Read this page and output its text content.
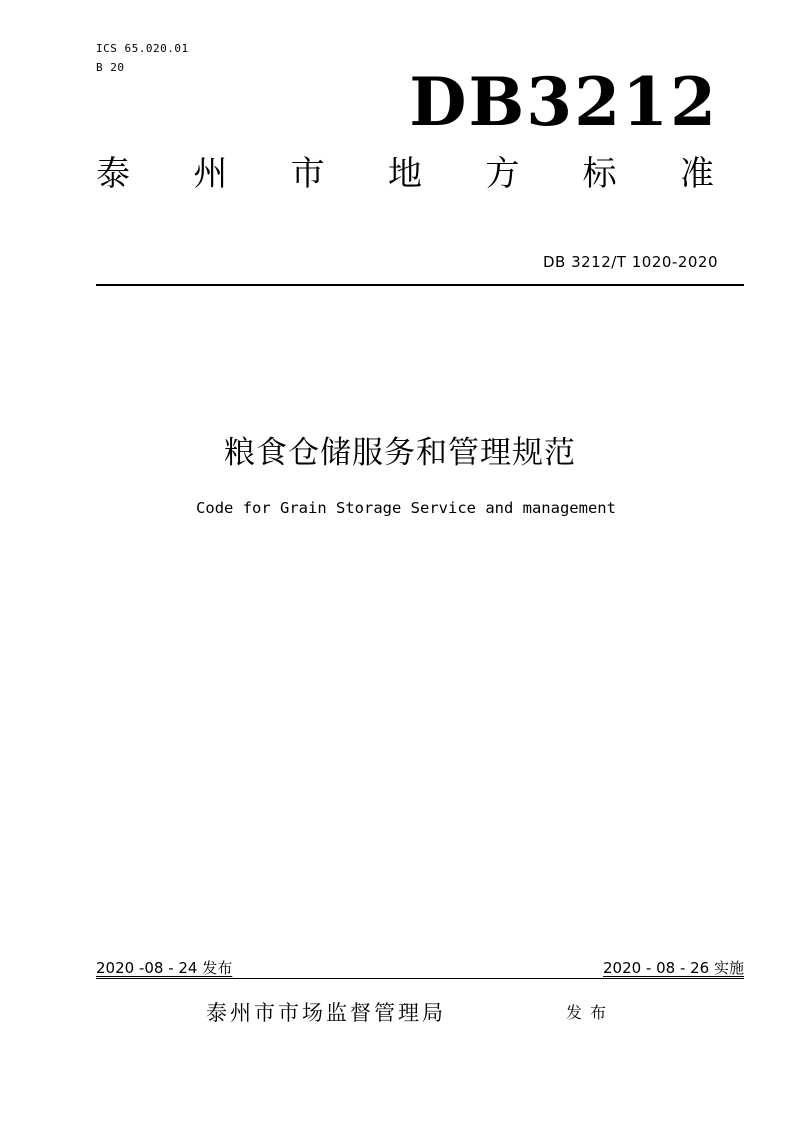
ICS 65.020.01
B 20	DB3212
泰 州 市 地 方 标 准
DB 3212/T 1020-2020
粮食仓储服务和管理规范
Code for Grain Storage Service and management
2020 -08 - 24 发布	2020 - 08 - 26 实施
泰州市市场监督管理局	发布
